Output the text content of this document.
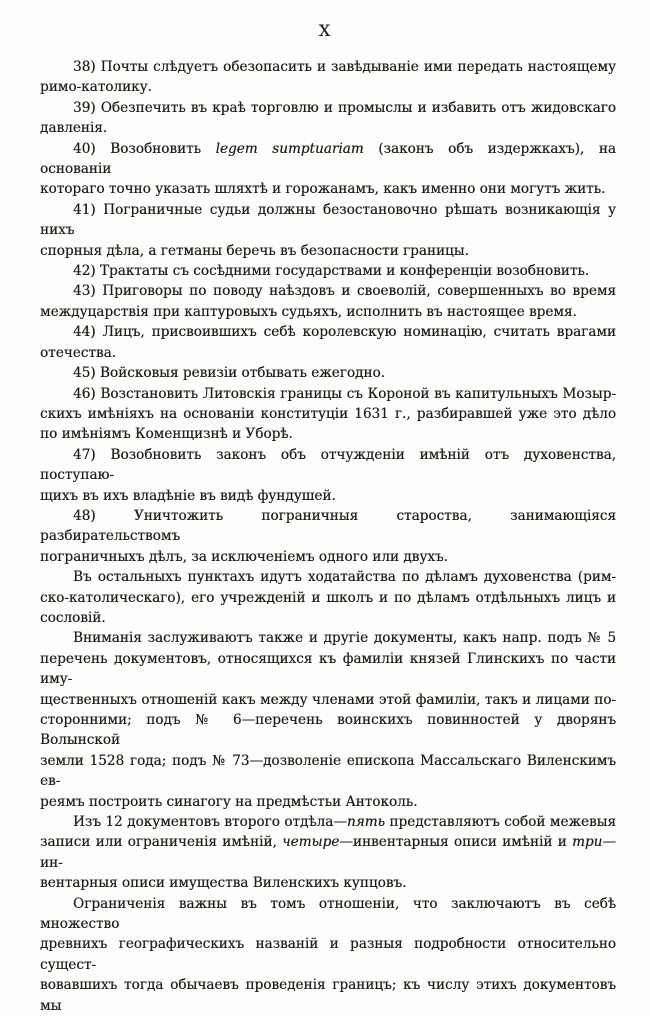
X
38) Почты слѣдуетъ обезопасить и завѣдываніе ими передать настоящему
римо-католику.
39) Обезпечить въ краѣ торговлю и промыслы и избавить отъ жидовскаго
давленія.
40) Возобновить legem sumptuariam (законъ объ издержкахъ), на основаніи
котораго точно указать шляхтѣ и горожанамъ, какъ именно они могутъ жить.
41) Пограничные судьи должны безостановочно рѣшать возникающія у нихъ
спорныя дѣла, а гетманы беречь въ безопасности границы.
42) Трактаты съ сосѣдними государствами и конференціи возобновить.
43) Приговоры по поводу наѣздовъ и своеволій, совершенныхъ во время
междуцарствія при каптуровыхъ судьяхъ, исполнить въ настоящее время.
44) Лицъ, присвоившихъ себѣ королевскую номинацію, считать врагами
отечества.
45) Войсковыя ревизіи отбывать ежегодно.
46) Возстановить Литовскія границы съ Короной въ капитульныхъ Мозыр-
скихъ имѣніяхъ на основаніи конституціи 1631 г., разбиравшей уже это дѣло
по имѣніямъ Коменщизнѣ и Уборѣ.
47) Возобновить законъ объ отчужденіи имѣній отъ духовенства, поступаю-
щихъ въ ихъ владѣніе въ видѣ фундушей.
48) Уничтожить пограничныя староства, занимающіяся разбирательствомъ
пограничныхъ дѣлъ, за исключеніемъ одного или двухъ.
Въ остальныхъ пунктахъ идутъ ходатайства по дѣламъ духовенства (рим-
ско-католическаго), его учрежденій и школъ и по дѣламъ отдѣльныхъ лицъ и
сословій.
Вниманія заслуживаютъ также и другіе документы, какъ напр. подъ № 5
перечень документовъ, относящихся къ фамиліи князей Глинскихъ по части иму-
щественныхъ отношеній какъ между членами этой фамиліи, такъ и лицами по-
сторонними; подъ № 6—перечень воинскихъ повинностей у дворянъ Волынской
земли 1528 года; подъ № 73—дозволеніе епископа Массальскаго Виленскимъ ев-
реямъ построить синагогу на предмѣстьи Антоколь.
Изъ 12 документовъ второго отдѣла—пять представляютъ собой межевыя
записи или ограниченія имѣній, четыре—инвентарныя описи имѣній и три—ин-
вентарныя описи имущества Виленскихъ купцовъ.
Ограниченія важны въ томъ отношеніи, что заключаютъ въ себѣ множество
древнихъ географическихъ названій и разныя подробности относительно сущест-
вовавшихъ тогда обычаевъ проведенія границъ; къ числу этихъ документовъ мы
